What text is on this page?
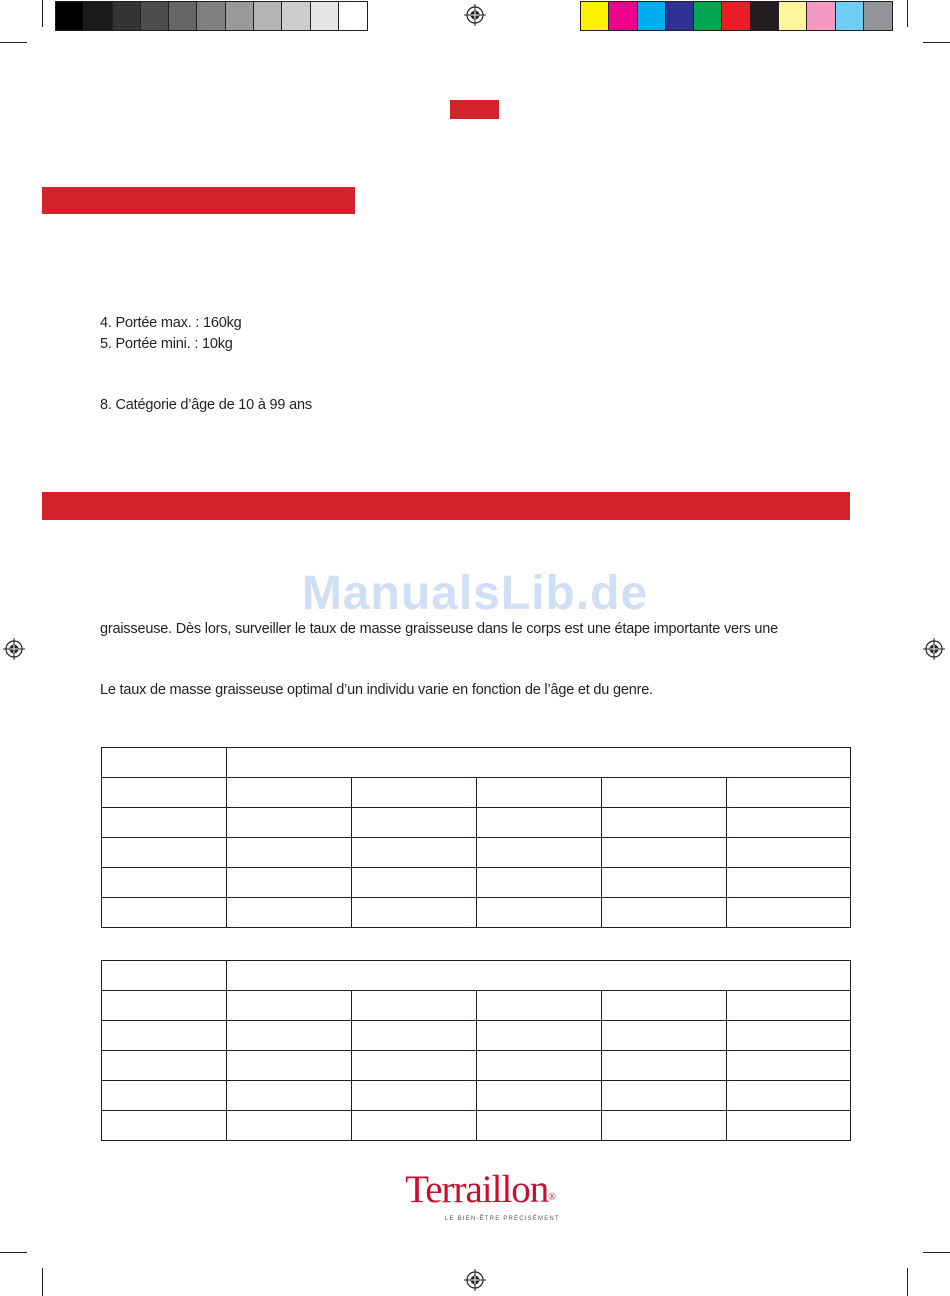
4. Portée max. : 160kg
5. Portée mini. : 10kg
8. Catégorie d’âge de 10 à 99 ans
ManualsLib.de
graisseuse. Dès lors, surveiller le taux de masse graisseuse dans le corps est une étape importante vers une
Le taux de masse graisseuse optimal d’un individu varie en fonction de l’âge et du genre.

Terraillon®
LE BIEN-ÊTRE PRÉCISÉMENT
